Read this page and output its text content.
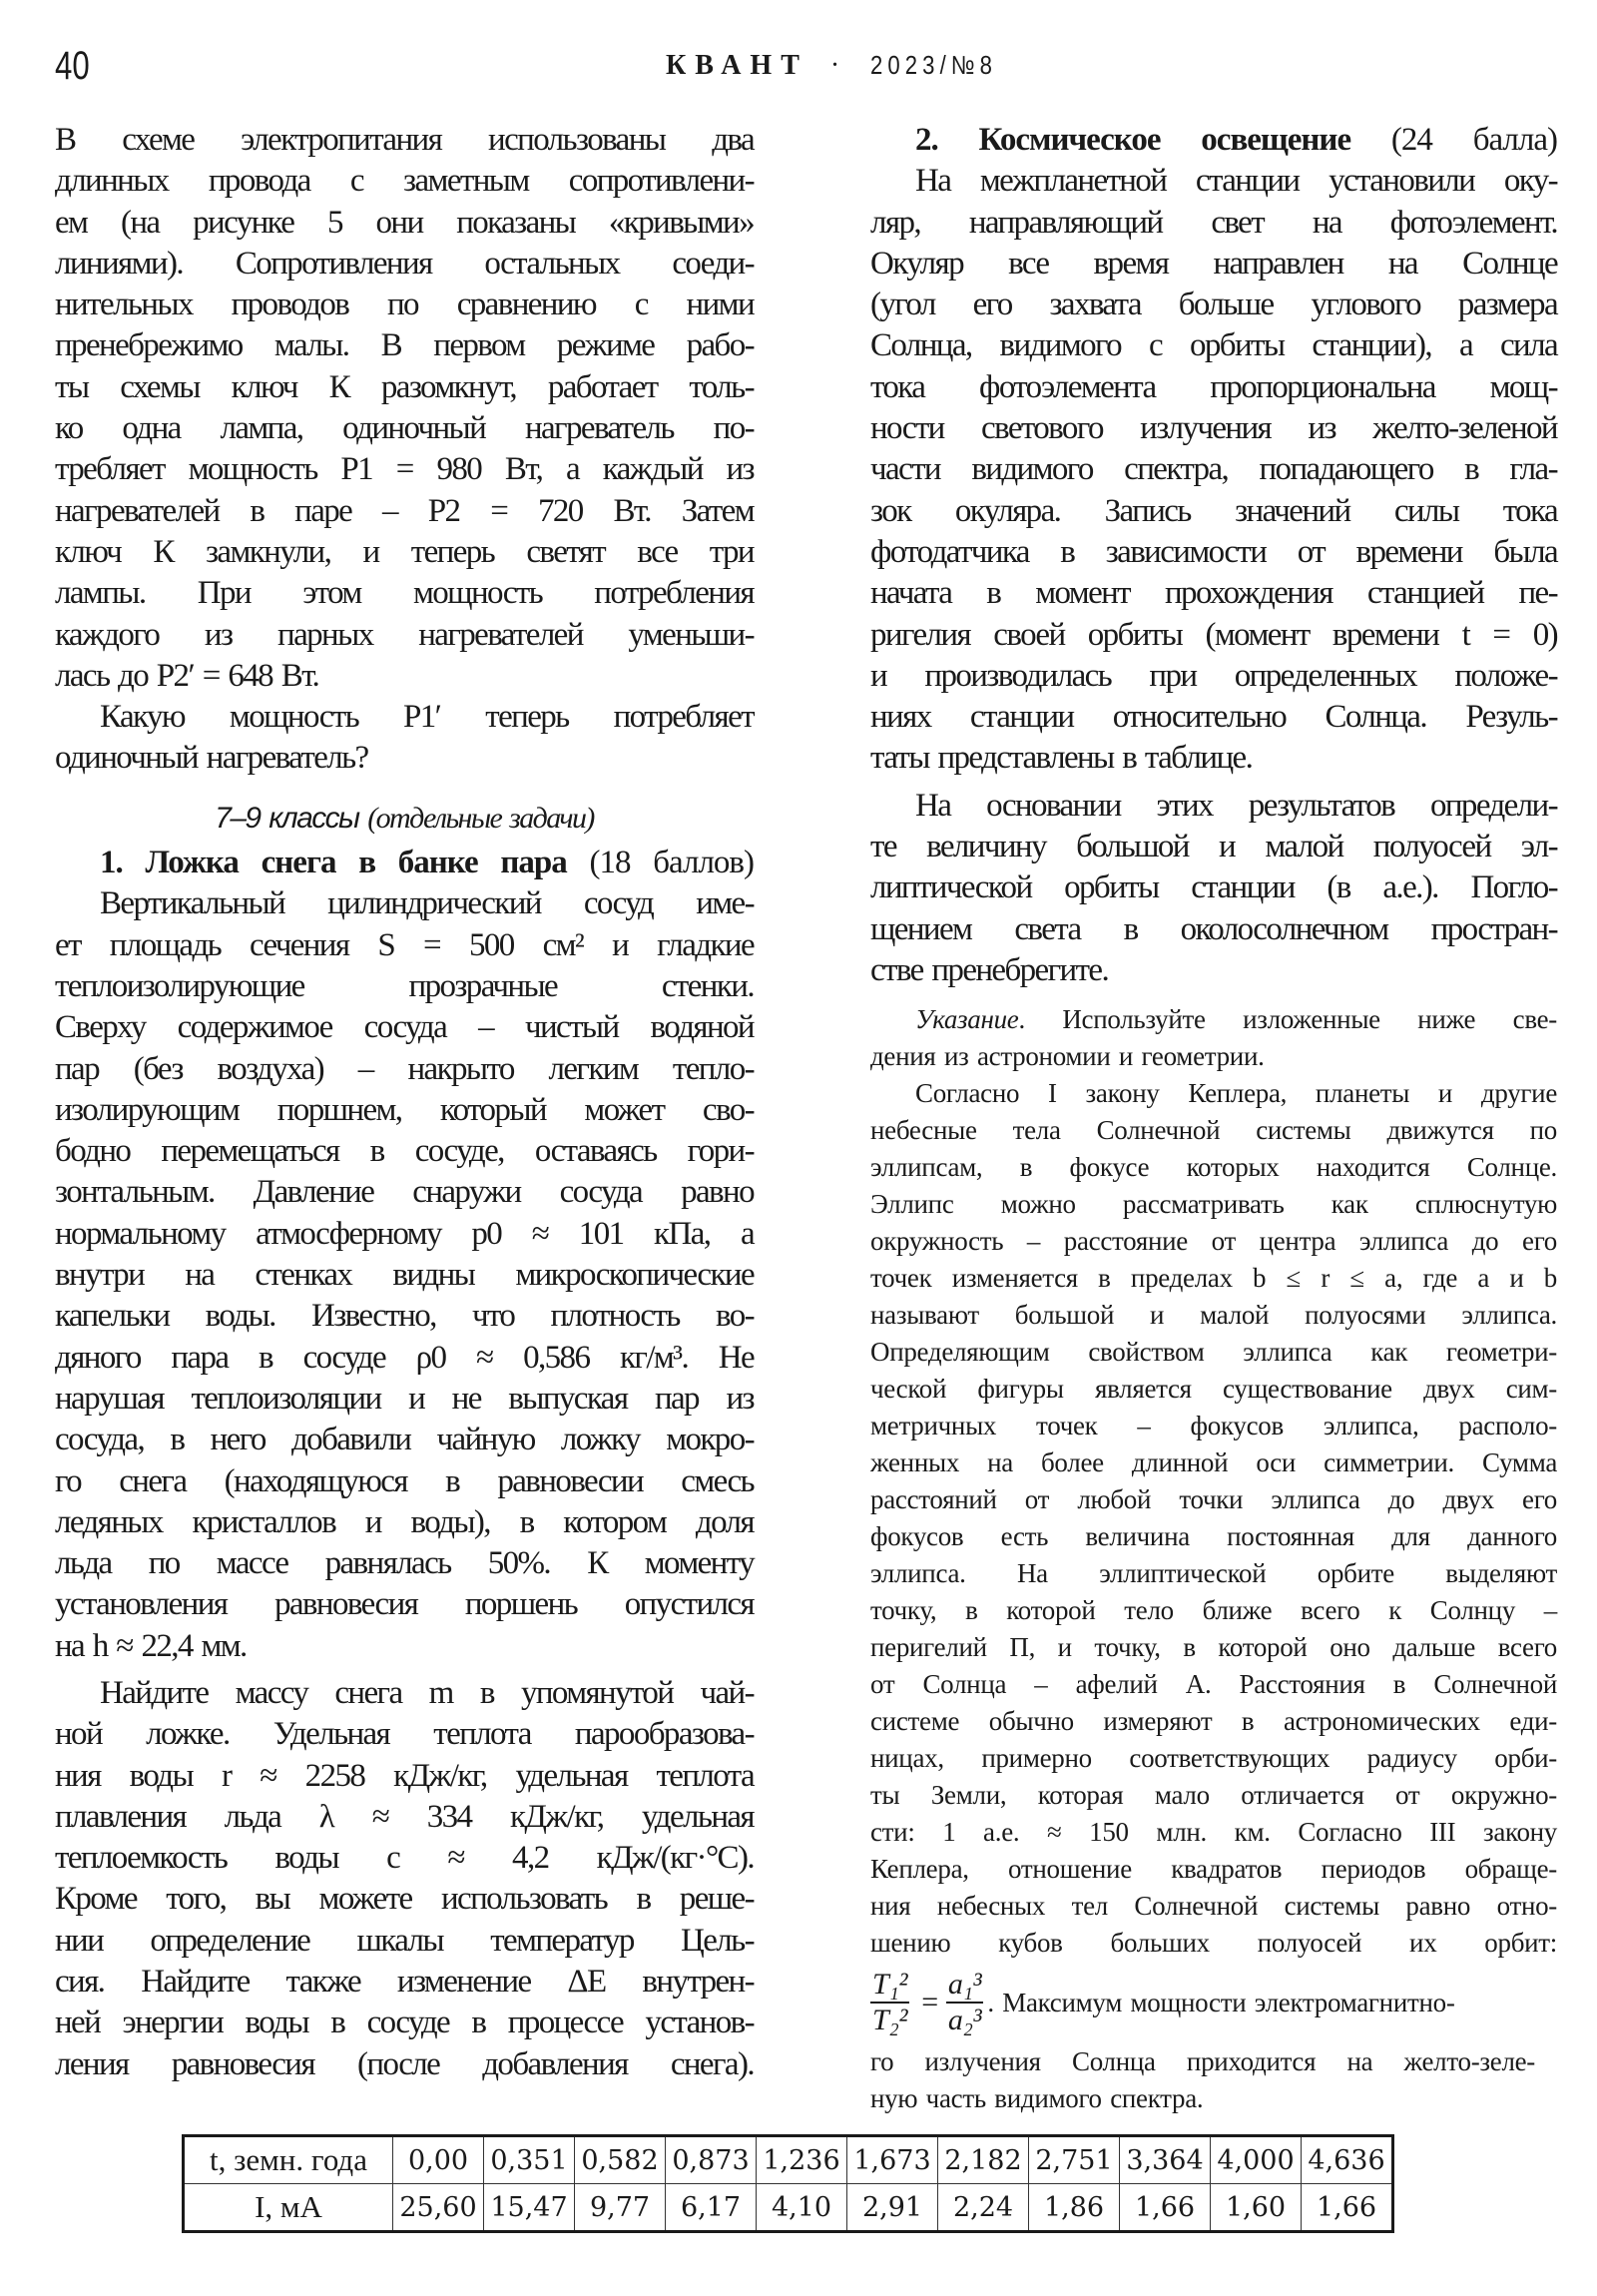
40	КВАНТ · 2023/№8
В схеме электропитания использованы два
длинных провода с заметным сопротивлени-
ем (на рисунке 5 они показаны «кривыми»
линиями). Сопротивления остальных соеди-
нительных проводов по сравнению с ними
пренебрежимо малы. В первом режиме рабо-
ты схемы ключ К разомкнут, работает толь-
ко одна лампа, одиночный нагреватель по-
требляет мощность P1 = 980 Вт, а каждый из
нагревателей в паре – P2 = 720 Вт. Затем
ключ К замкнули, и теперь светят все три
лампы. При этом мощность потребления
каждого из парных нагревателей уменьши-
лась до P2′ = 648 Вт.
Какую мощность P1′ теперь потребляет
одиночный нагреватель?
7–9 классы (отдельные задачи)
1. Ложка снега в банке пара (18 баллов)
Вертикальный цилиндрический сосуд име-
ет площадь сечения S = 500 см² и гладкие
теплоизолирующие прозрачные стенки.
Сверху содержимое сосуда – чистый водяной
пар (без воздуха) – накрыто легким тепло-
изолирующим поршнем, который может сво-
бодно перемещаться в сосуде, оставаясь гори-
зонтальным. Давление снаружи сосуда равно
нормальному атмосферному p0 ≈ 101 кПа, а
внутри на стенках видны микроскопические
капельки воды. Известно, что плотность во-
дяного пара в сосуде ρ0 ≈ 0,586 кг/м³. Не
нарушая теплоизоляции и не выпуская пар из
сосуда, в него добавили чайную ложку мокро-
го снега (находящуюся в равновесии смесь
ледяных кристаллов и воды), в котором доля
льда по массе равнялась 50%. К моменту
установления равновесия поршень опустился
на h ≈ 22,4 мм.
Найдите массу снега m в упомянутой чай-
ной ложке. Удельная теплота парообразова-
ния воды r ≈ 2258 кДж/кг, удельная теплота
плавления льда λ ≈ 334 кДж/кг, удельная
теплоемкость воды c ≈ 4,2 кДж/(кг·°С).
Кроме того, вы можете использовать в реше-
нии определение шкалы температур Цель-
сия. Найдите также изменение ΔE внутрен-
ней энергии воды в сосуде в процессе установ-
ления равновесия (после добавления снега).
2. Космическое освещение (24 балла)
На межпланетной станции установили оку-
ляр, направляющий свет на фотоэлемент.
Окуляр все время направлен на Солнце
(угол его захвата больше углового размера
Солнца, видимого с орбиты станции), а сила
тока фотоэлемента пропорциональна мощ-
ности светового излучения из желто-зеленой
части видимого спектра, попадающего в гла-
зок окуляра. Запись значений силы тока
фотодатчика в зависимости от времени была
начата в момент прохождения станцией пе-
ригелия своей орбиты (момент времени t = 0)
и производилась при определенных положе-
ниях станции относительно Солнца. Резуль-
таты представлены в таблице.
На основании этих результатов определи-
те величину большой и малой полуосей эл-
липтической орбиты станции (в а.е.). Погло-
щением света в околосолнечном простран-
стве пренебрегите.
Указание. Используйте изложенные ниже све-
дения из астрономии и геометрии.
Согласно I закону Кеплера, планеты и другие
небесные тела Солнечной системы движутся по
эллипсам, в фокусе которых находится Солнце.
Эллипс можно рассматривать как сплюснутую
окружность – расстояние от центра эллипса до его
точек изменяется в пределах b ≤ r ≤ a, где a и b
называют большой и малой полуосями эллипса.
Определяющим свойством эллипса как геометри-
ческой фигуры является существование двух сим-
метричных точек – фокусов эллипса, располо-
женных на более длинной оси симметрии. Сумма
расстояний от любой точки эллипса до двух его
фокусов есть величина постоянная для данного
эллипса. На эллиптической орбите выделяют
точку, в которой тело ближе всего к Солнцу –
перигелий П, и точку, в которой оно дальше всего
от Солнца – афелий А. Расстояния в Солнечной
системе обычно измеряют в астрономических еди-
ницах, примерно соответствующих радиусу орби-
ты Земли, которая мало отличается от окружно-
сти: 1 а.е. ≈ 150 млн. км. Согласно III закону
Кеплера, отношение квадратов периодов обраще-
ния небесных тел Солнечной системы равно отно-
шению кубов больших полуосей их орбит:
$\frac{\text{T₁²}}{\text{T₂²}} = \frac{\text{a₁³}}{\text{a₂³}}$ . Максимум мощности электромагнитно-
го излучения Солнца приходится на желто-зеле-
ную часть видимого спектра.
t, земн. года	0,00	0,351	0,582	0,873	1,236	1,673	2,182	2,751	3,364	4,000	4,636
I, мА	25,60	15,47	9,77	6,17	4,10	2,91	2,24	1,86	1,66	1,60	1,66
